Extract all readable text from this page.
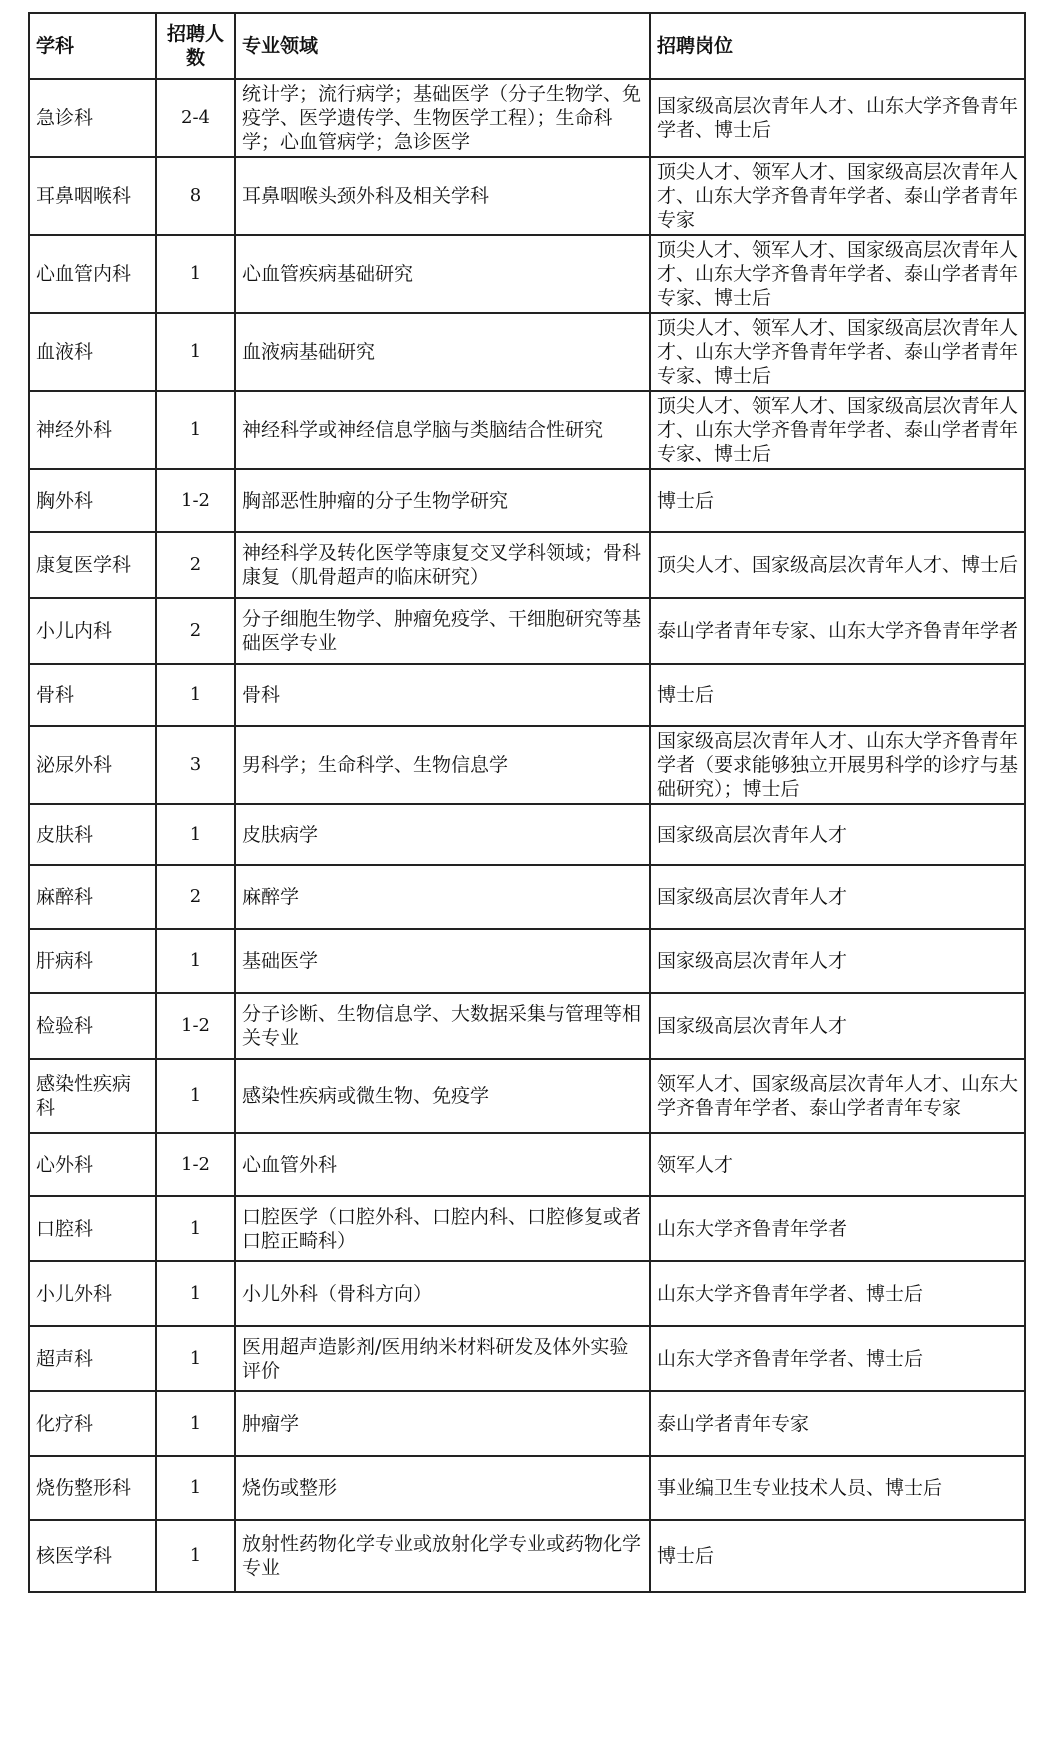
学科	招聘人数	专业领域	招聘岗位
急诊科	2-4	统计学；流行病学；基础医学（分子生物学、免疫学、医学遗传学、生物医学工程）；生命科学；心血管病学；急诊医学	国家级高层次青年人才、山东大学齐鲁青年学者、博士后
耳鼻咽喉科	8	耳鼻咽喉头颈外科及相关学科	顶尖人才、领军人才、国家级高层次青年人才、山东大学齐鲁青年学者、泰山学者青年专家
心血管内科	1	心血管疾病基础研究	顶尖人才、领军人才、国家级高层次青年人才、山东大学齐鲁青年学者、泰山学者青年专家、博士后
血液科	1	血液病基础研究	顶尖人才、领军人才、国家级高层次青年人才、山东大学齐鲁青年学者、泰山学者青年专家、博士后
神经外科	1	神经科学或神经信息学脑与类脑结合性研究	顶尖人才、领军人才、国家级高层次青年人才、山东大学齐鲁青年学者、泰山学者青年专家、博士后
胸外科	1-2	胸部恶性肿瘤的分子生物学研究	博士后
康复医学科	2	神经科学及转化医学等康复交叉学科领域；骨科康复（肌骨超声的临床研究）	顶尖人才、国家级高层次青年人才、博士后
小儿内科	2	分子细胞生物学、肿瘤免疫学、干细胞研究等基础医学专业	泰山学者青年专家、山东大学齐鲁青年学者
骨科	1	骨科	博士后
泌尿外科	3	男科学；生命科学、生物信息学	国家级高层次青年人才、山东大学齐鲁青年学者（要求能够独立开展男科学的诊疗与基础研究）；博士后
皮肤科	1	皮肤病学	国家级高层次青年人才
麻醉科	2	麻醉学	国家级高层次青年人才
肝病科	1	基础医学	国家级高层次青年人才
检验科	1-2	分子诊断、生物信息学、大数据采集与管理等相关专业	国家级高层次青年人才
感染性疾病科	1	感染性疾病或微生物、免疫学	领军人才、国家级高层次青年人才、山东大学齐鲁青年学者、泰山学者青年专家
心外科	1-2	心血管外科	领军人才
口腔科	1	口腔医学（口腔外科、口腔内科、口腔修复或者口腔正畸科）	山东大学齐鲁青年学者
小儿外科	1	小儿外科（骨科方向）	山东大学齐鲁青年学者、博士后
超声科	1	医用超声造影剂/医用纳米材料研发及体外实验评价	山东大学齐鲁青年学者、博士后
化疗科	1	肿瘤学	泰山学者青年专家
烧伤整形科	1	烧伤或整形	事业编卫生专业技术人员、博士后
核医学科	1	放射性药物化学专业或放射化学专业或药物化学专业	博士后
